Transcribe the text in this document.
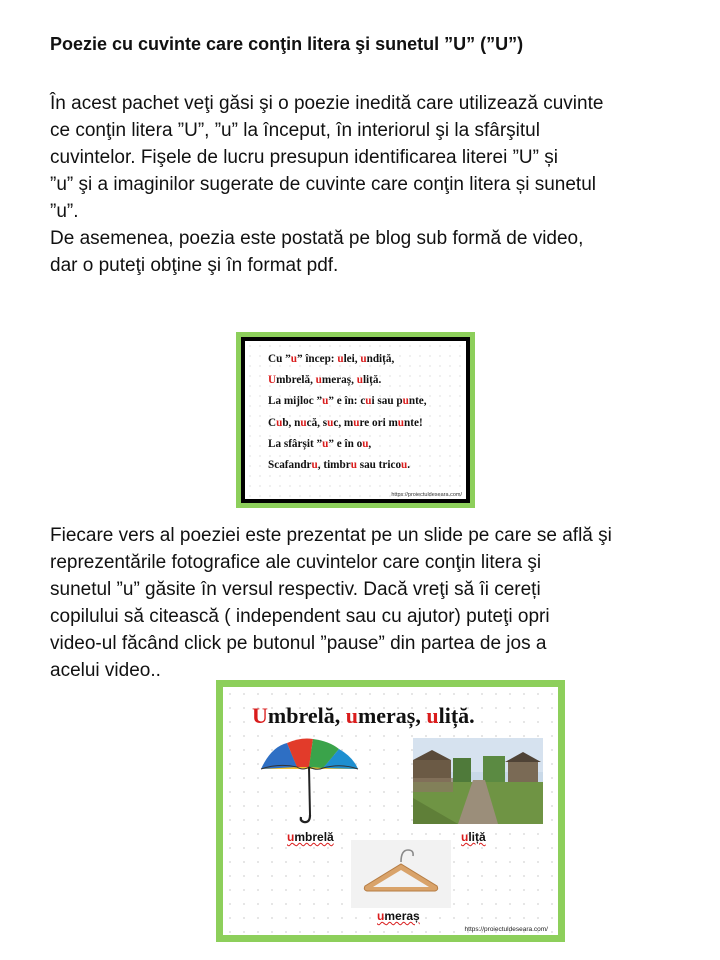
Poezie cu cuvinte care conţin litera şi sunetul ”U” (”U”)

În acest pachet veţi găsi şi o poezie inedită care utilizează cuvinte

ce conţin litera ”U”, ”u” la început, în interiorul şi la sfârşitul

cuvintelor. Fişele de lucru presupun identificarea literei ”U” și

”u” şi a imaginilor sugerate de cuvinte care conţin litera și sunetul

”u”.

De asemenea, poezia este postată pe blog sub formă de video,

dar o puteţi obţine şi în format pdf.

Cu ”u” încep: ulei, undiță,
Umbrelă, umeraș, uliță.
La mijloc ”u” e în: cui sau punte,
Cub, nucă, suc, mure ori munte!
La sfârșit ”u” e în ou,
Scafandru, timbru sau tricou.
https://proiectuldeseara.com/

Fiecare vers al poeziei este prezentat pe un slide pe care se află şi

reprezentările fotografice ale cuvintelor care conţin litera şi

sunetul ”u” găsite în versul respectiv. Dacă vreţi să îi cereți

copilului să citească ( independent sau cu ajutor) puteţi opri

video-ul făcând click pe butonul ”pause” din partea de jos a

acelui video..

Umbrelă, umeraș, uliță.
umbrelă	uliță
umeraș
https://proiectuldeseara.com/
